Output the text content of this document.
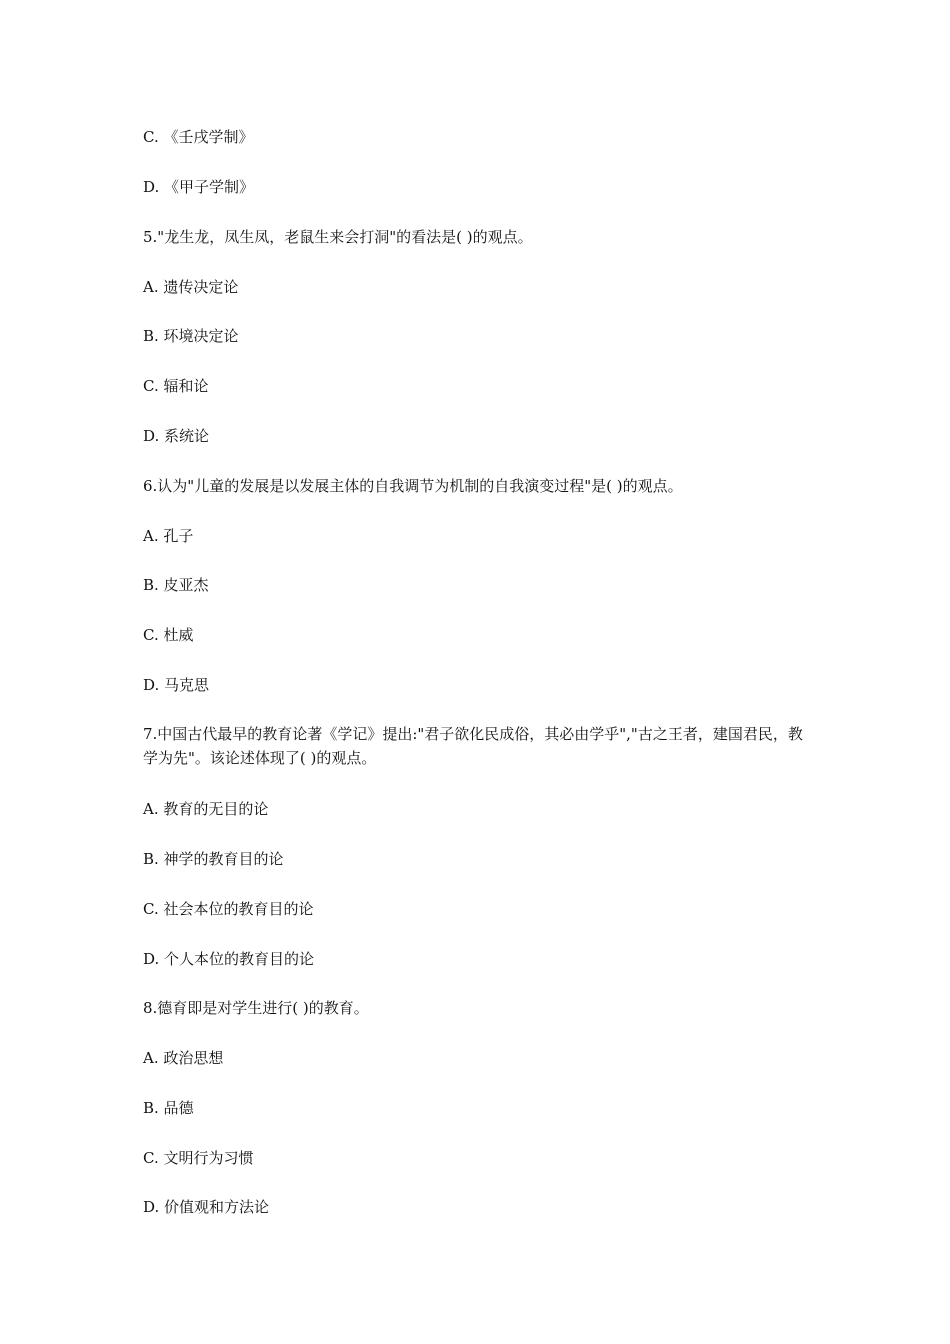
C. 《壬戌学制》
D. 《甲子学制》
5."龙生龙，凤生凤，老鼠生来会打洞"的看法是( )的观点。
A. 遗传决定论
B. 环境决定论
C. 辐和论
D. 系统论
6.认为"儿童的发展是以发展主体的自我调节为机制的自我演变过程"是( )的观点。
A. 孔子
B. 皮亚杰
C. 杜威
D. 马克思
7.中国古代最早的教育论著《学记》提出:"君子欲化民成俗，其必由学乎","古之王者，建国君民，教学为先"。该论述体现了( )的观点。
A. 教育的无目的论
B. 神学的教育目的论
C. 社会本位的教育目的论
D. 个人本位的教育目的论
8.德育即是对学生进行( )的教育。
A. 政治思想
B. 品德
C. 文明行为习惯
D. 价值观和方法论
